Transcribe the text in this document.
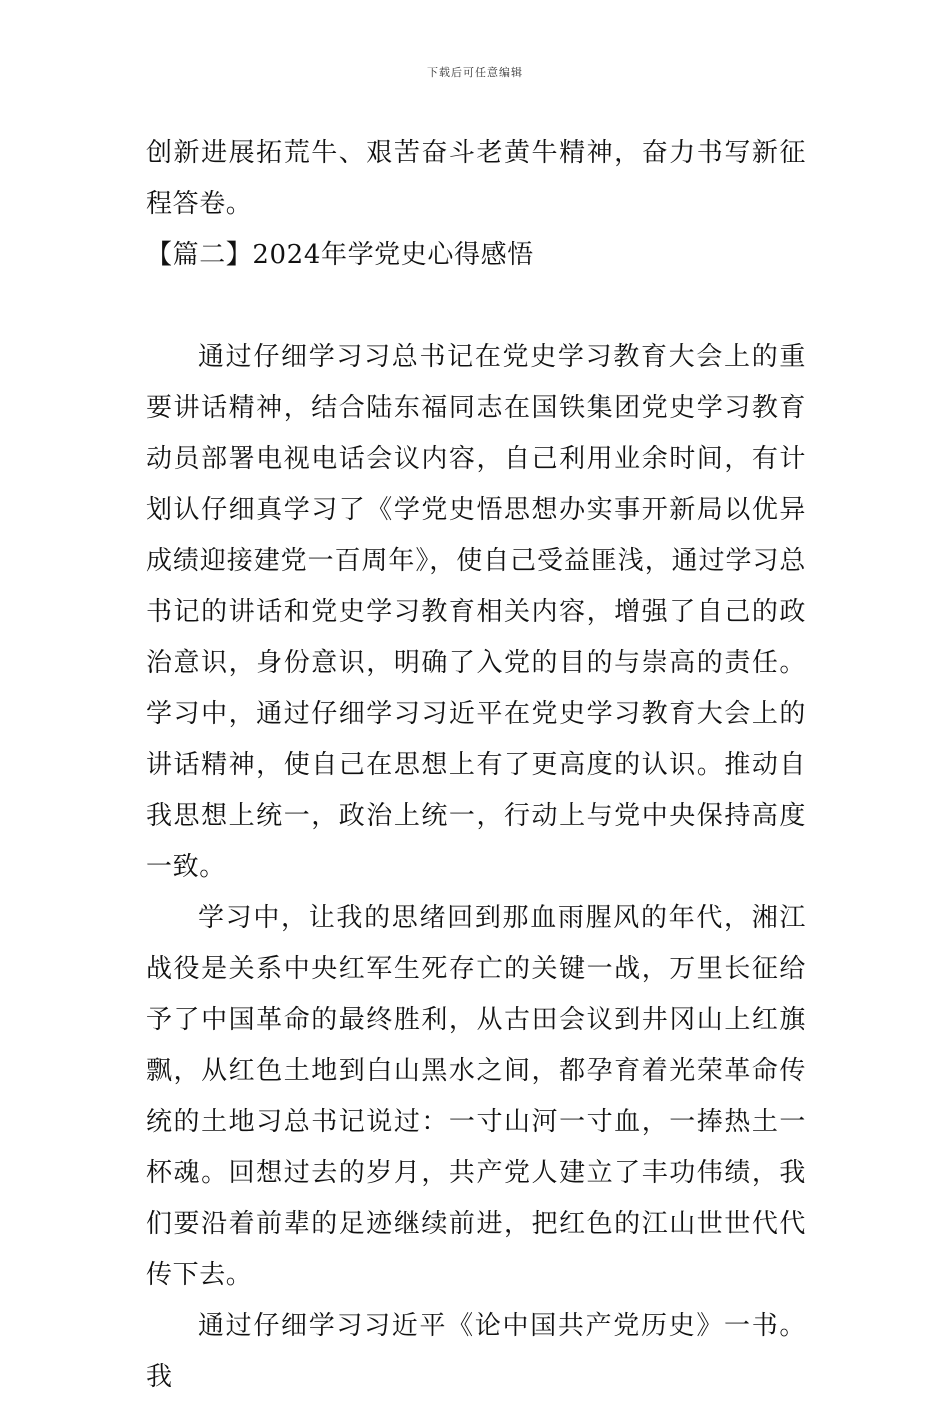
下载后可任意编辑

创新进展拓荒牛、艰苦奋斗老黄牛精神，奋力书写新征程答卷。

【篇二】2024年学党史心得感悟

通过仔细学习习总书记在党史学习教育大会上的重要讲话精神，结合陆东福同志在国铁集团党史学习教育动员部署电视电话会议内容，自己利用业余时间，有计划认仔细真学习了《学党史悟思想办实事开新局以优异成绩迎接建党一百周年》，使自己受益匪浅，通过学习总书记的讲话和党史学习教育相关内容，增强了自己的政治意识，身份意识，明确了入党的目的与崇高的责任。学习中，通过仔细学习习近平在党史学习教育大会上的讲话精神，使自己在思想上有了更高度的认识。推动自我思想上统一，政治上统一，行动上与党中央保持高度一致。

学习中，让我的思绪回到那血雨腥风的年代，湘江战役是关系中央红军生死存亡的关键一战，万里长征给予了中国革命的最终胜利，从古田会议到井冈山上红旗飘，从红色土地到白山黑水之间，都孕育着光荣革命传统的土地习总书记说过：一寸山河一寸血，一捧热土一杯魂。回想过去的岁月，共产党人建立了丰功伟绩，我们要沿着前辈的足迹继续前进，把红色的江山世世代代传下去。

通过仔细学习习近平《论中国共产党历史》一书。我
